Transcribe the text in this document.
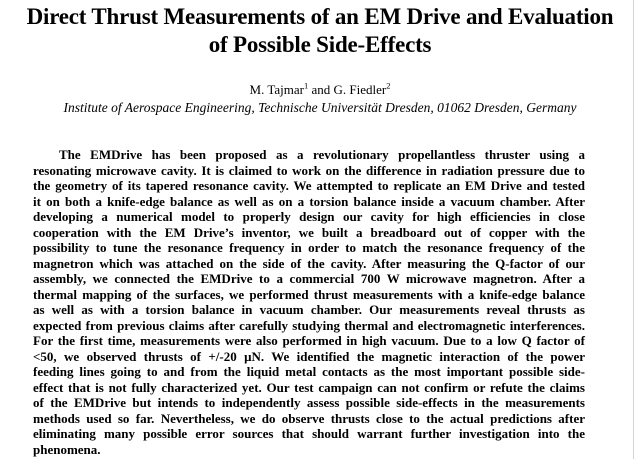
Direct Thrust Measurements of an EM Drive and Evaluation
of Possible Side-Effects
M. Tajmar$^1$ and G. Fiedler$^2$
Institute of Aerospace Engineering, Technische Universität Dresden, 01062 Dresden, Germany

The EMDrive has been proposed as a revolutionary propellantless thruster using a resonating microwave cavity. It is claimed to work on the difference in radiation pressure due to the geometry of its tapered resonance cavity. We attempted to replicate an EM Drive and tested it on both a knife-edge balance as well as on a torsion balance inside a vacuum chamber. After developing a numerical model to properly design our cavity for high efficiencies in close cooperation with the EM Drive’s inventor, we built a breadboard out of copper with the possibility to tune the resonance frequency in order to match the resonance frequency of the magnetron which was attached on the side of the cavity. After measuring the Q-factor of our assembly, we connected the EMDrive to a commercial 700 W microwave magnetron. After a thermal mapping of the surfaces, we performed thrust measurements with a knife-edge balance as well as with a torsion balance in vacuum chamber. Our measurements reveal thrusts as expected from previous claims after carefully studying thermal and electromagnetic interferences. For the first time, measurements were also performed in high vacuum. Due to a low Q factor of <50, we observed thrusts of +/-20 μN. We identified the magnetic interaction of the power feeding lines going to and from the liquid metal contacts as the most important possible side-effect that is not fully characterized yet. Our test campaign can not confirm or refute the claims of the EMDrive but intends to independently assess possible side-effects in the measurements methods used so far. Nevertheless, we do observe thrusts close to the actual predictions after eliminating many possible error sources that should warrant further investigation into the phenomena.
